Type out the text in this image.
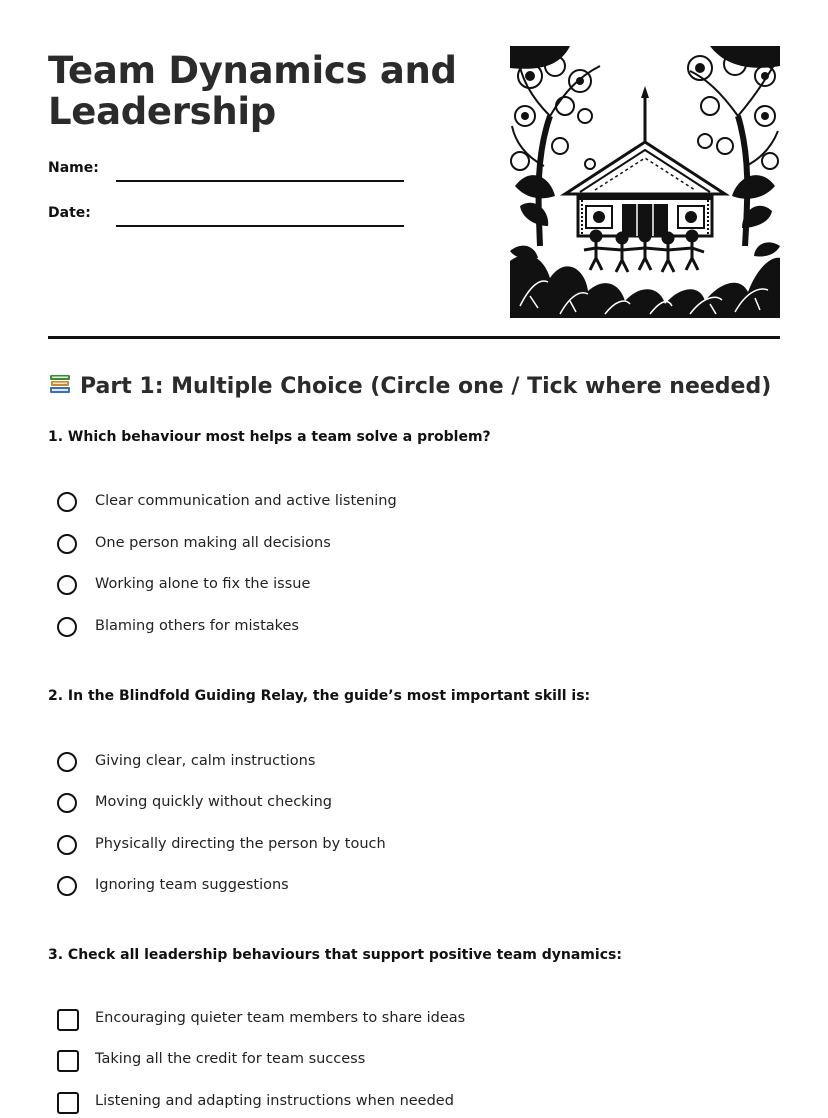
Team Dynamics and
Leadership
Name:
Date:
Part 1: Multiple Choice (Circle one / Tick where needed)

1. Which behaviour most helps a team solve a problem?

Clear communication and active listening
One person making all decisions
Working alone to fix the issue
Blaming others for mistakes

2. In the Blindfold Guiding Relay, the guide’s most important skill is:

Giving clear, calm instructions
Moving quickly without checking
Physically directing the person by touch
Ignoring team suggestions

3. Check all leadership behaviours that support positive team dynamics:

Encouraging quieter team members to share ideas
Taking all the credit for team success
Listening and adapting instructions when needed
